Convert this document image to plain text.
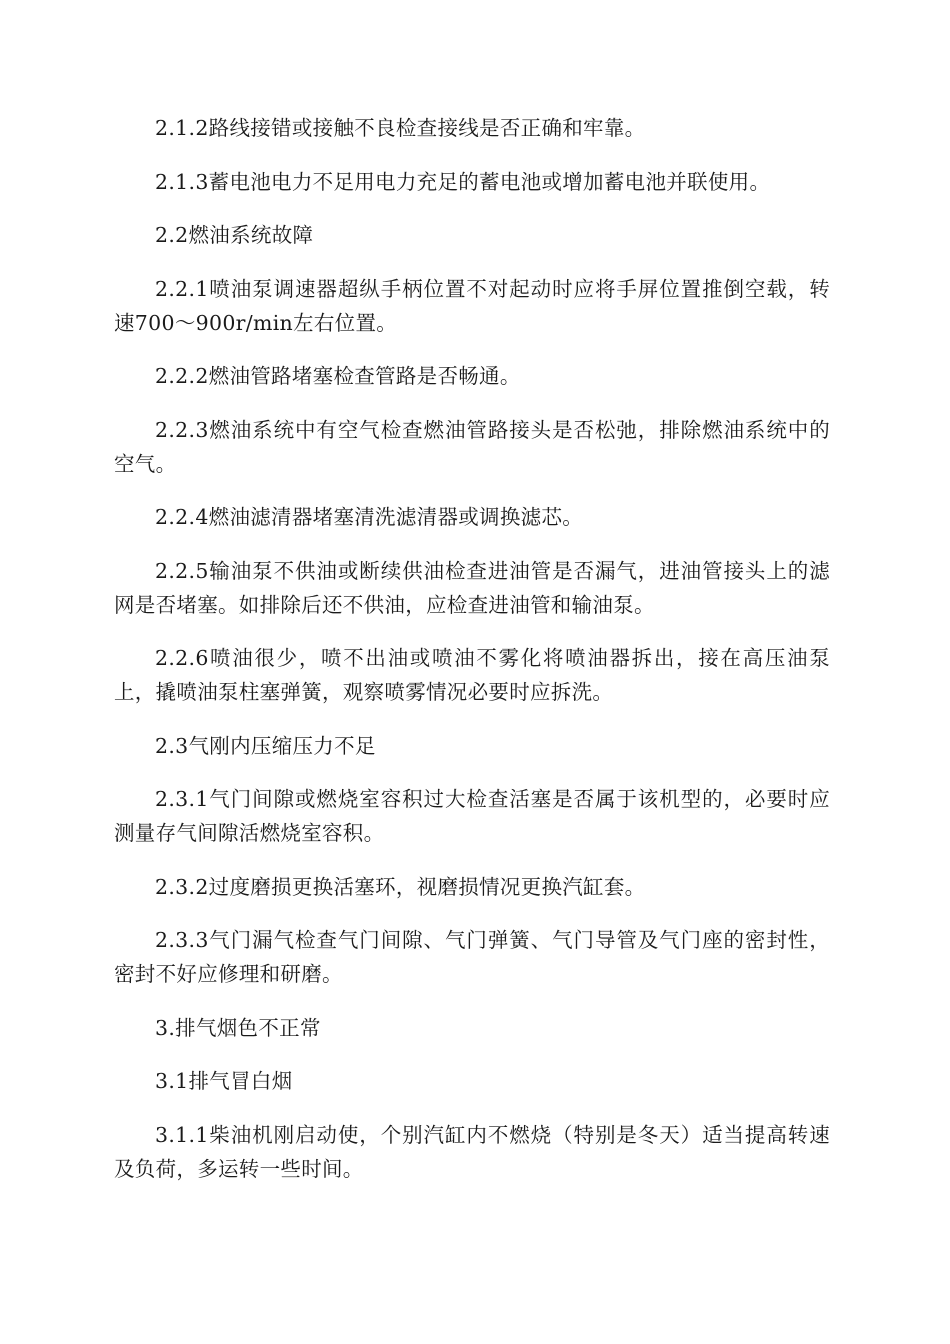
2.1.2路线接错或接触不良检查接线是否正确和牢靠。

2.1.3蓄电池电力不足用电力充足的蓄电池或增加蓄电池并联使用。

2.2燃油系统故障

2.2.1喷油泵调速器超纵手柄位置不对起动时应将手屏位置推倒空载，转速700～900r/min左右位置。

2.2.2燃油管路堵塞检查管路是否畅通。

2.2.3燃油系统中有空气检查燃油管路接头是否松弛，排除燃油系统中的空气。

2.2.4燃油滤清器堵塞清洗滤清器或调换滤芯。

2.2.5输油泵不供油或断续供油检查进油管是否漏气，进油管接头上的滤网是否堵塞。如排除后还不供油，应检查进油管和输油泵。

2.2.6喷油很少，喷不出油或喷油不雾化将喷油器拆出，接在高压油泵上，撬喷油泵柱塞弹簧，观察喷雾情况必要时应拆洗。

2.3气刚内压缩压力不足

2.3.1气门间隙或燃烧室容积过大检查活塞是否属于该机型的，必要时应测量存气间隙活燃烧室容积。

2.3.2过度磨损更换活塞环，视磨损情况更换汽缸套。

2.3.3气门漏气检查气门间隙、气门弹簧、气门导管及气门座的密封性，密封不好应修理和研磨。

3.排气烟色不正常

3.1排气冒白烟

3.1.1柴油机刚启动使，个别汽缸内不燃烧（特别是冬天）适当提高转速及负荷，多运转一些时间。
